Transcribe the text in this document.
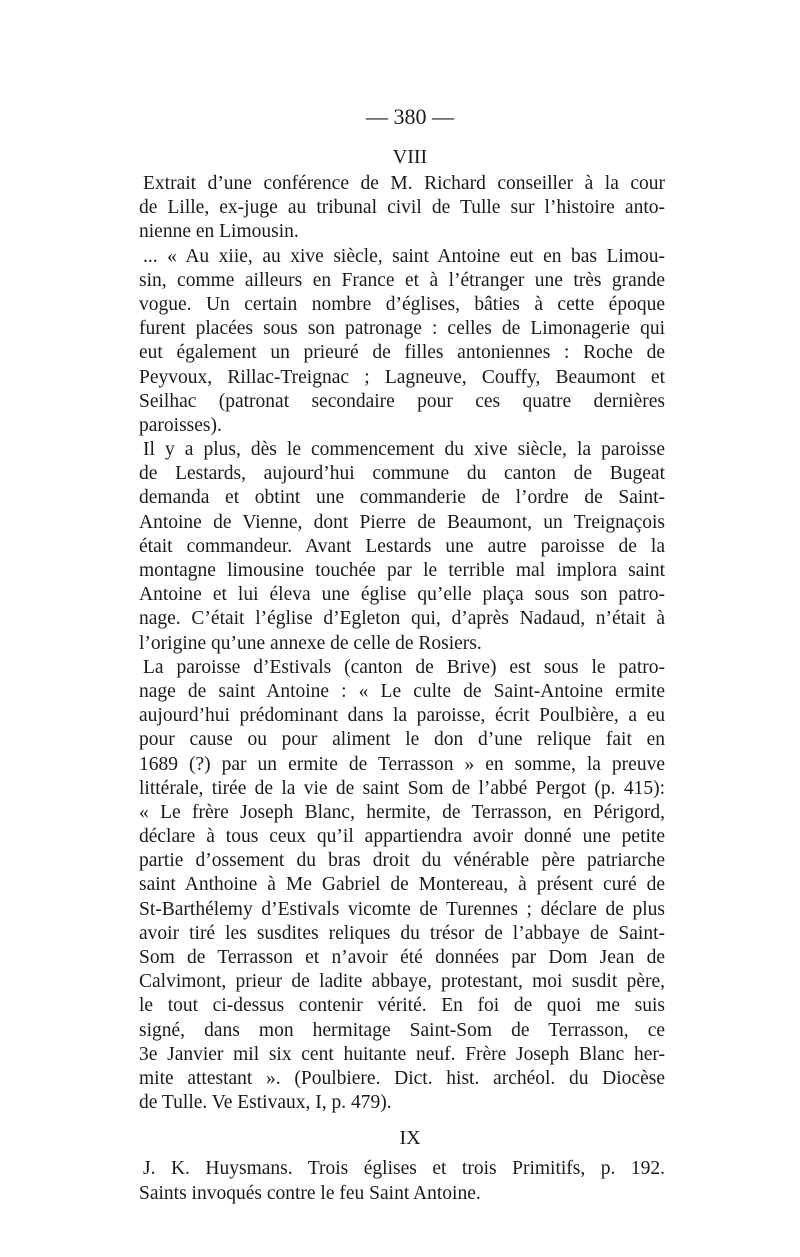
— 380 —
VIII
Extrait d’une conférence de M. Richard conseiller à la cour
de Lille, ex-juge au tribunal civil de Tulle sur l’histoire anto-
nienne en Limousin.
... « Au xiie, au xive siècle, saint Antoine eut en bas Limou-
sin, comme ailleurs en France et à l’étranger une très grande
vogue. Un certain nombre d’églises, bâties à cette époque
furent placées sous son patronage : celles de Limonagerie qui
eut également un prieuré de filles antoniennes : Roche de
Peyvoux, Rillac-Treignac ; Lagneuve, Couffy, Beaumont et
Seilhac (patronat secondaire pour ces quatre dernières
paroisses).
Il y a plus, dès le commencement du xive siècle, la paroisse
de Lestards, aujourd’hui commune du canton de Bugeat
demanda et obtint une commanderie de l’ordre de Saint-
Antoine de Vienne, dont Pierre de Beaumont, un Treignaçois
était commandeur. Avant Lestards une autre paroisse de la
montagne limousine touchée par le terrible mal implora saint
Antoine et lui éleva une église qu’elle plaça sous son patro-
nage. C’était l’église d’Egleton qui, d’après Nadaud, n’était à
l’origine qu’une annexe de celle de Rosiers.
La paroisse d’Estivals (canton de Brive) est sous le patro-
nage de saint Antoine : « Le culte de Saint-Antoine ermite
aujourd’hui prédominant dans la paroisse, écrit Poulbière, a eu
pour cause ou pour aliment le don d’une relique fait en
1689 (?) par un ermite de Terrasson » en somme, la preuve
littérale, tirée de la vie de saint Som de l’abbé Pergot (p. 415):
« Le frère Joseph Blanc, hermite, de Terrasson, en Périgord,
déclare à tous ceux qu’il appartiendra avoir donné une petite
partie d’ossement du bras droit du vénérable père patriarche
saint Anthoine à Me Gabriel de Montereau, à présent curé de
St-Barthélemy d’Estivals vicomte de Turennes ; déclare de plus
avoir tiré les susdites reliques du trésor de l’abbaye de Saint-
Som de Terrasson et n’avoir été données par Dom Jean de
Calvimont, prieur de ladite abbaye, protestant, moi susdit père,
le tout ci-dessus contenir vérité. En foi de quoi me suis
signé, dans mon hermitage Saint-Som de Terrasson, ce
3e Janvier mil six cent huitante neuf. Frère Joseph Blanc her-
mite attestant ». (Poulbiere. Dict. hist. archéol. du Diocèse
de Tulle. Ve Estivaux, I, p. 479).
IX
J. K. Huysmans. Trois églises et trois Primitifs, p. 192.
Saints invoqués contre le feu Saint Antoine.
